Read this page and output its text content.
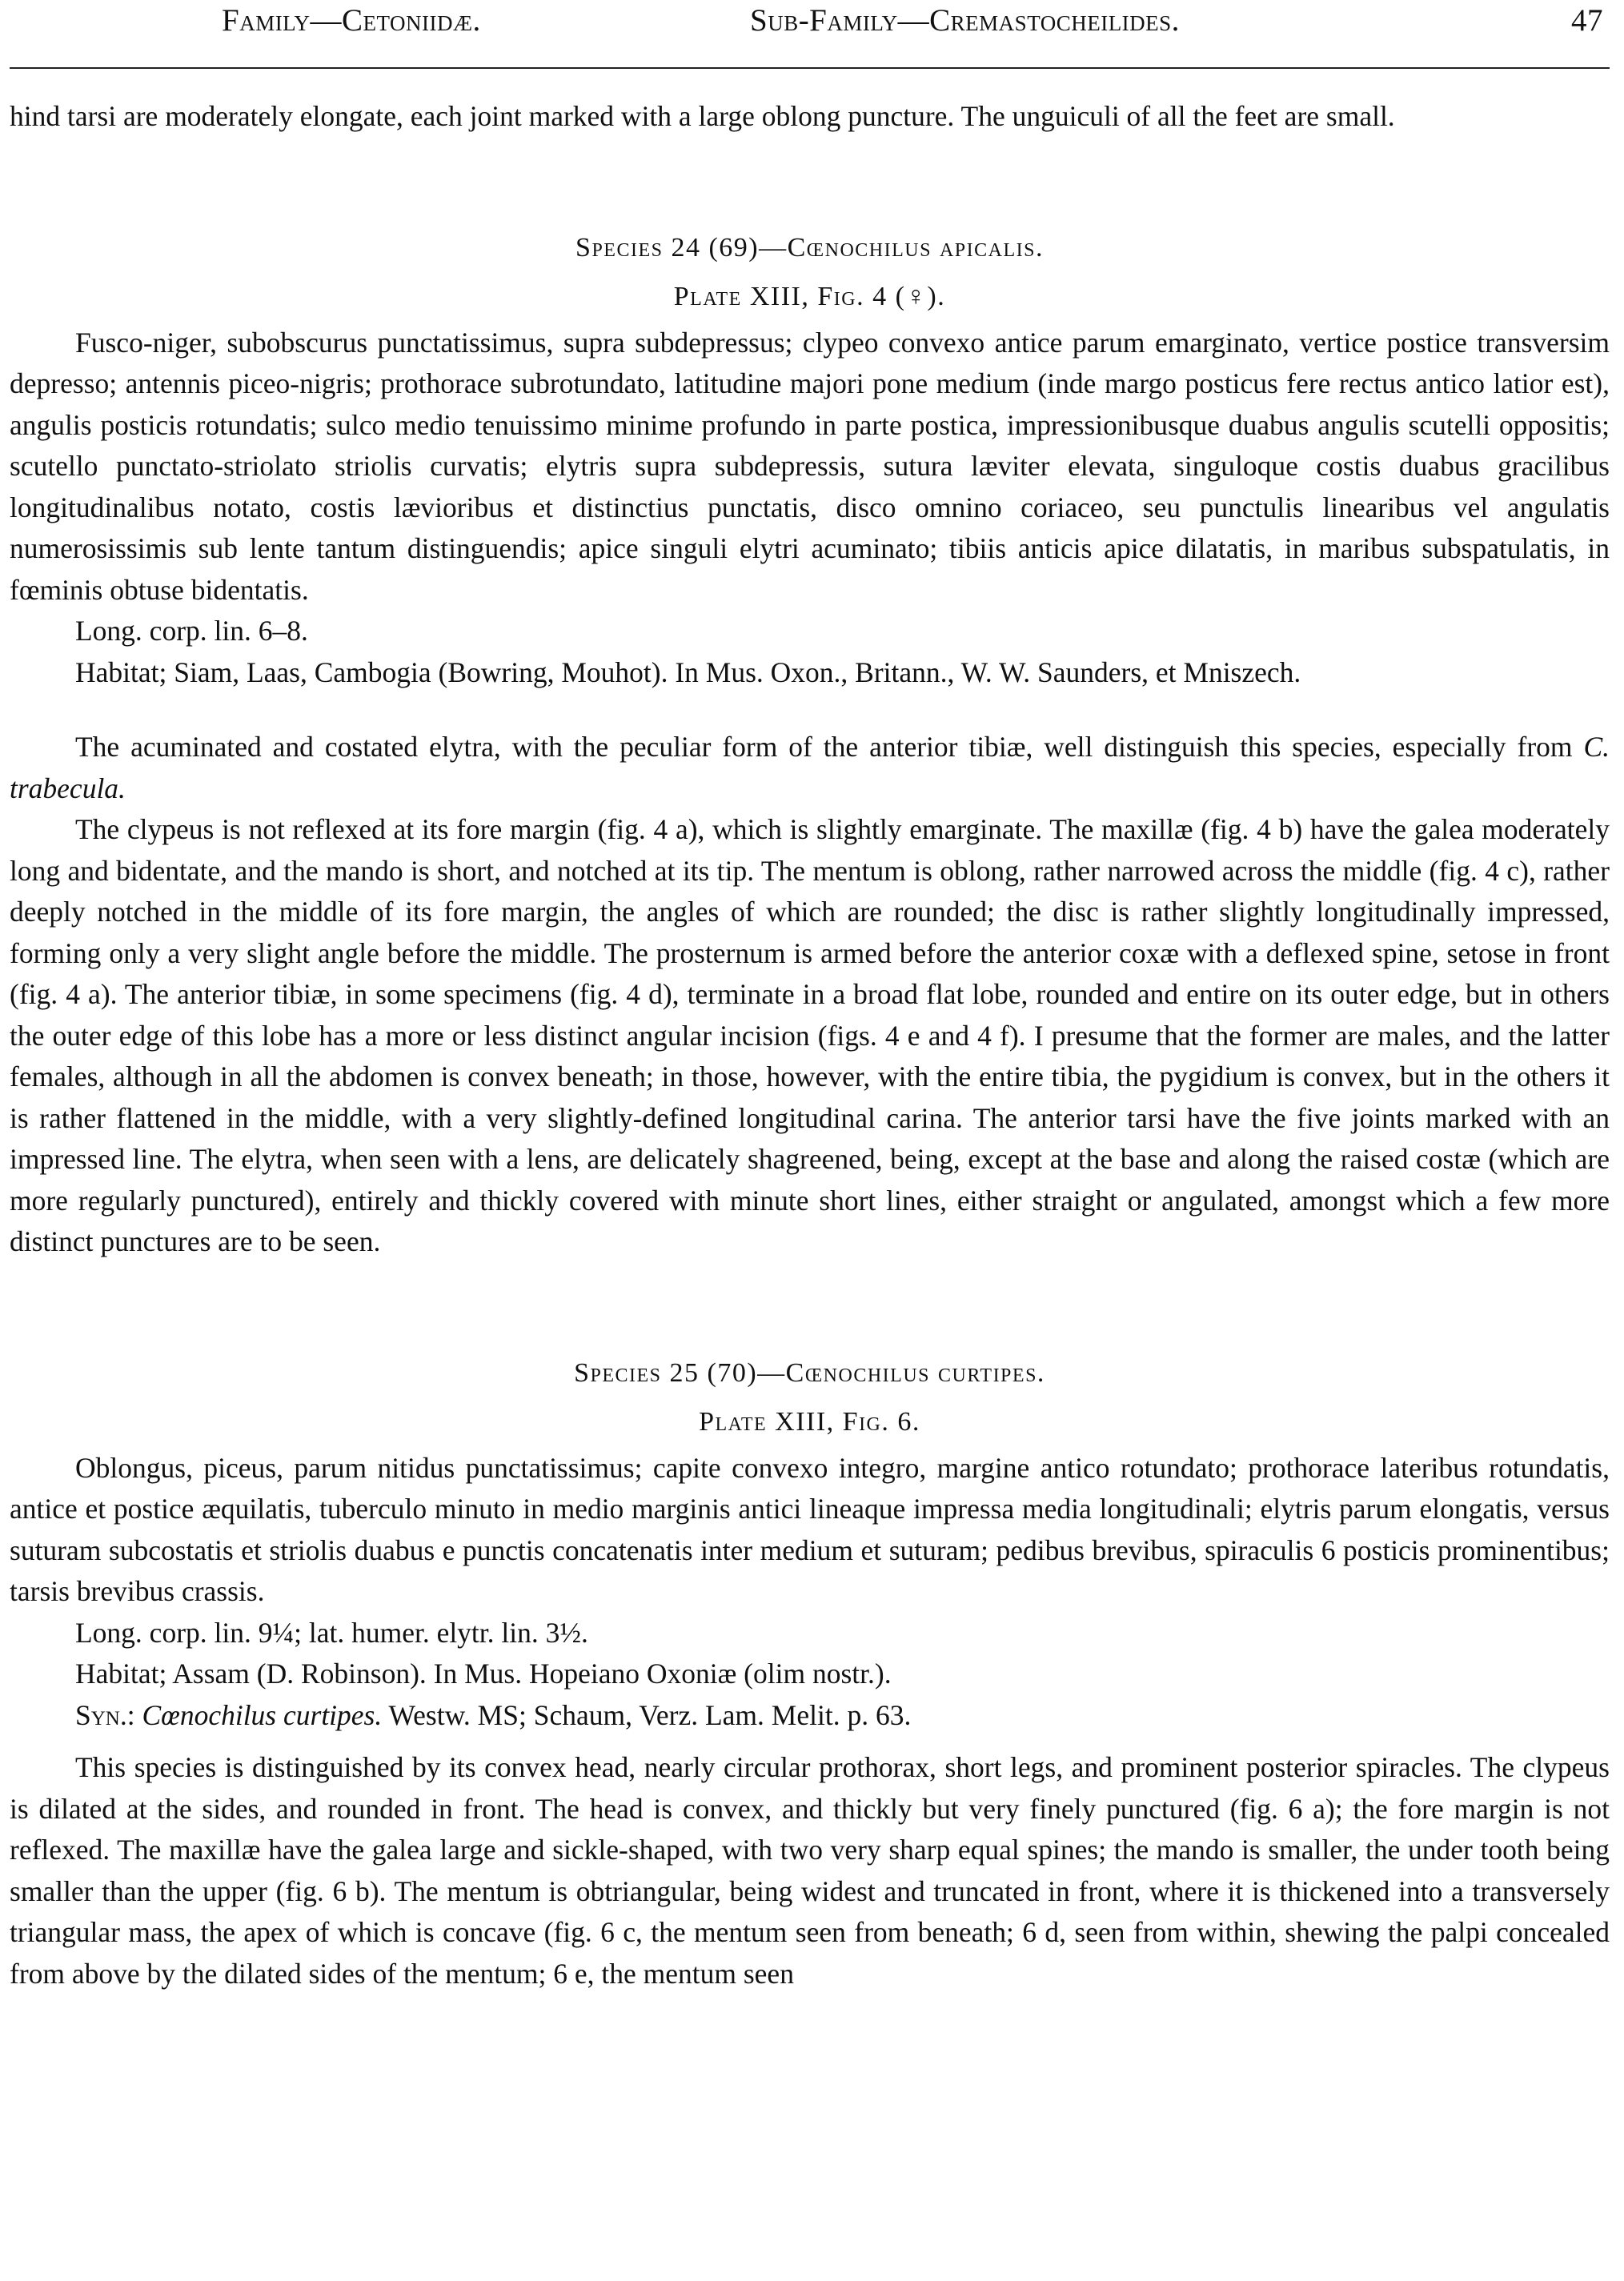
Family—Cetoniidæ.	Sub-Family—Cremastocheilides.	47

hind tarsi are moderately elongate, each joint marked with a large oblong puncture. The unguiculi of all the feet are small.

Species 24 (69)—Cœnochilus apicalis.

Plate XIII, Fig. 4 (♀).

Fusco-niger, subobscurus punctatissimus, supra subdepressus; clypeo convexo antice parum emarginato, vertice postice transversim depresso; antennis piceo-nigris; prothorace subrotundato, latitudine majori pone medium (inde margo posticus fere rectus antico latior est), angulis posticis rotundatis; sulco medio tenuissimo minime profundo in parte postica, impressionibusque duabus angulis scutelli oppositis; scutello punctato-striolato striolis curvatis; elytris supra subdepressis, sutura læviter elevata, singuloque costis duabus gracilibus longitudinalibus notato, costis lævioribus et distinctius punctatis, disco omnino coriaceo, seu punctulis linearibus vel angulatis numerosissimis sub lente tantum distinguendis; apice singuli elytri acuminato; tibiis anticis apice dilatatis, in maribus subspatulatis, in fœminis obtuse bidentatis.

Long. corp. lin. 6–8.

Habitat; Siam, Laas, Cambogia (Bowring, Mouhot). In Mus. Oxon., Britann., W. W. Saunders, et Mniszech.

The acuminated and costated elytra, with the peculiar form of the anterior tibiæ, well distinguish this species, especially from C. trabecula.

The clypeus is not reflexed at its fore margin (fig. 4 a), which is slightly emarginate. The maxillæ (fig. 4 b) have the galea moderately long and bidentate, and the mando is short, and notched at its tip. The mentum is oblong, rather narrowed across the middle (fig. 4 c), rather deeply notched in the middle of its fore margin, the angles of which are rounded; the disc is rather slightly longitudinally impressed, forming only a very slight angle before the middle. The prosternum is armed before the anterior coxæ with a deflexed spine, setose in front (fig. 4 a). The anterior tibiæ, in some specimens (fig. 4 d), terminate in a broad flat lobe, rounded and entire on its outer edge, but in others the outer edge of this lobe has a more or less distinct angular incision (figs. 4 e and 4 f). I presume that the former are males, and the latter females, although in all the abdomen is convex beneath; in those, however, with the entire tibia, the pygidium is convex, but in the others it is rather flattened in the middle, with a very slightly-defined longitudinal carina. The anterior tarsi have the five joints marked with an impressed line. The elytra, when seen with a lens, are delicately shagreened, being, except at the base and along the raised costæ (which are more regularly punctured), entirely and thickly covered with minute short lines, either straight or angulated, amongst which a few more distinct punctures are to be seen.

Species 25 (70)—Cœnochilus curtipes.

Plate XIII, Fig. 6.

Oblongus, piceus, parum nitidus punctatissimus; capite convexo integro, margine antico rotundato; prothorace lateribus rotundatis, antice et postice æquilatis, tuberculo minuto in medio marginis antici lineaque impressa media longitudinali; elytris parum elongatis, versus suturam subcostatis et striolis duabus e punctis concatenatis inter medium et suturam; pedibus brevibus, spiraculis 6 posticis prominentibus; tarsis brevibus crassis.

Long. corp. lin. 9¼; lat. humer. elytr. lin. 3½.

Habitat; Assam (D. Robinson). In Mus. Hopeiano Oxoniæ (olim nostr.).

Syn.: Cœnochilus curtipes. Westw. MS; Schaum, Verz. Lam. Melit. p. 63.

This species is distinguished by its convex head, nearly circular prothorax, short legs, and prominent posterior spiracles. The clypeus is dilated at the sides, and rounded in front. The head is convex, and thickly but very finely punctured (fig. 6 a); the fore margin is not reflexed. The maxillæ have the galea large and sickle-shaped, with two very sharp equal spines; the mando is smaller, the under tooth being smaller than the upper (fig. 6 b). The mentum is obtriangular, being widest and truncated in front, where it is thickened into a transversely triangular mass, the apex of which is concave (fig. 6 c, the mentum seen from beneath; 6 d, seen from within, shewing the palpi concealed from above by the dilated sides of the mentum; 6 e, the mentum seen
